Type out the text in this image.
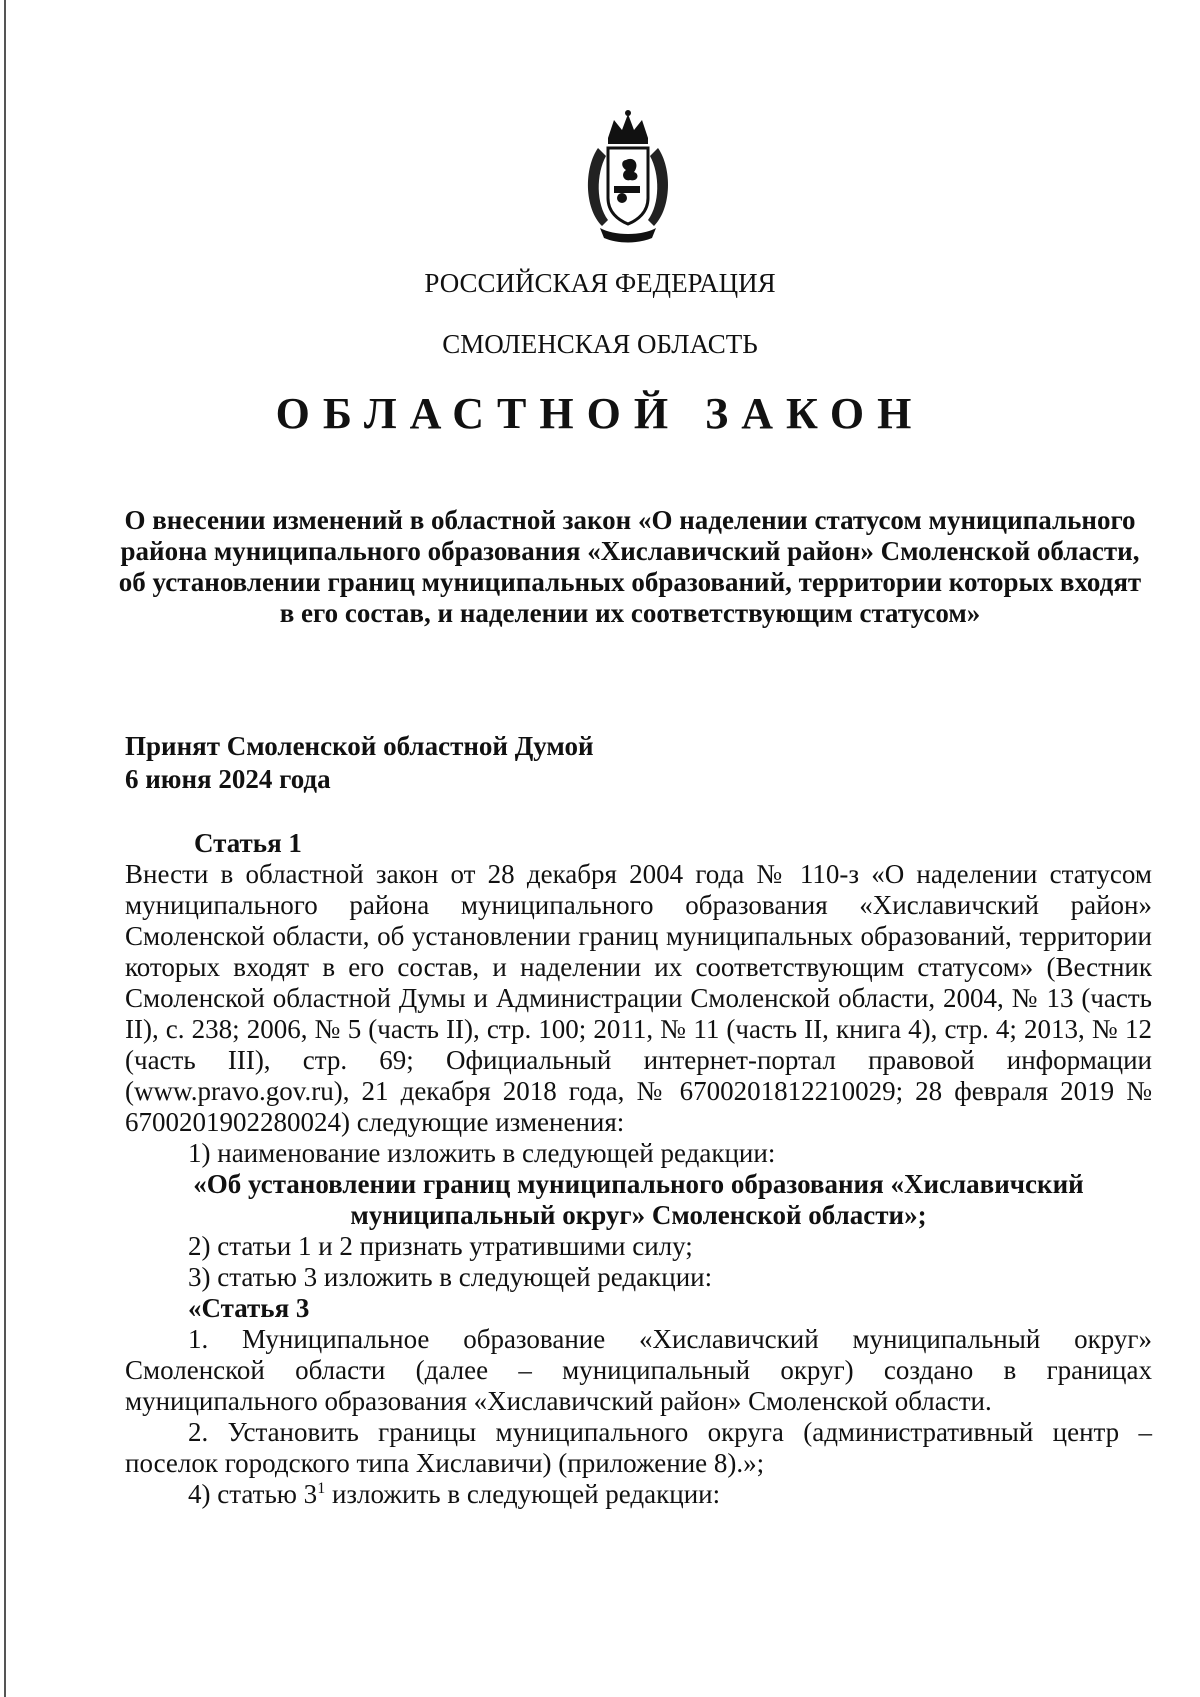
РОССИЙСКАЯ ФЕДЕРАЦИЯ
СМОЛЕНСКАЯ ОБЛАСТЬ
ОБЛАСТНОЙ ЗАКОН
О внесении изменений в областной закон «О наделении статусом муниципального района муниципального образования «Хиславичский район» Смоленской области, об установлении границ муниципальных образований, территории которых входят в его состав, и наделении их соответствующим статусом»
Принят Смоленской областной Думой
6 июня 2024 года
Статья 1

Внести в областной закон от 28 декабря 2004 года № 110-з «О наделении статусом муниципального района муниципального образования «Хиславичский район» Смоленской области, об установлении границ муниципальных образований, территории которых входят в его состав, и наделении их соответствующим статусом» (Вестник Смоленской областной Думы и Администрации Смоленской области, 2004, № 13 (часть II), с. 238; 2006, № 5 (часть II), стр. 100; 2011, № 11 (часть II, книга 4), стр. 4; 2013, № 12 (часть III), стр. 69; Официальный интернет-портал правовой информации (www.pravo.gov.ru), 21 декабря 2018 года, № 6700201812210029; 28 февраля 2019 № 6700201902280024) следующие изменения:

1) наименование изложить в следующей редакции:

«Об установлении границ муниципального образования «Хиславичский муниципальный округ» Смоленской области»;

2) статьи 1 и 2 признать утратившими силу;

3) статью 3 изложить в следующей редакции:

«Статья 3

1. Муниципальное образование «Хиславичский муниципальный округ» Смоленской области (далее – муниципальный округ) создано в границах муниципального образования «Хиславичский район» Смоленской области.

2. Установить границы муниципального округа (административный центр – поселок городского типа Хиславичи) (приложение 8).»;

4) статью $3^1$ изложить в следующей редакции:
